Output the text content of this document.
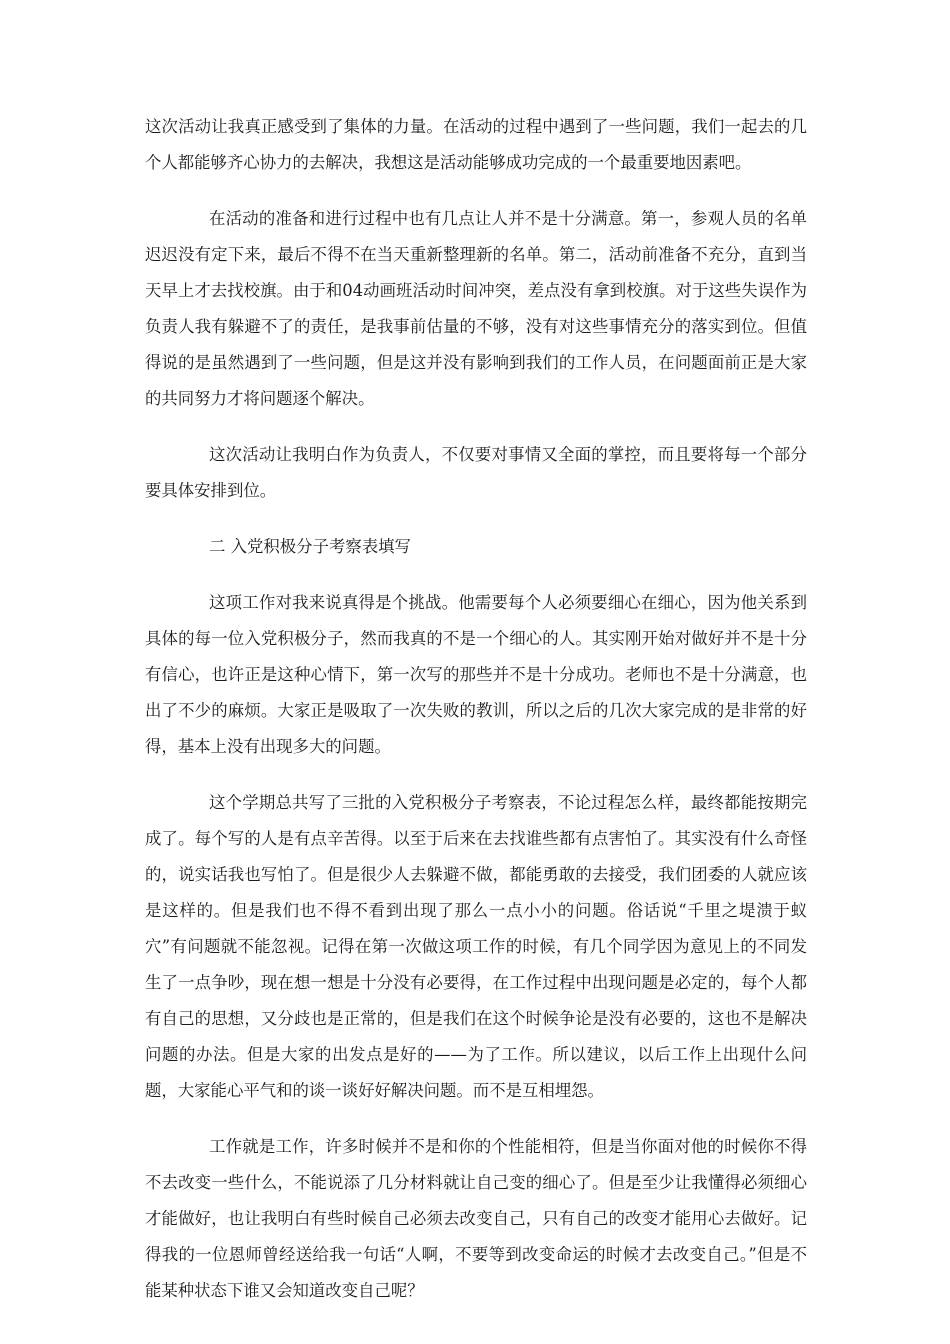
这次活动让我真正感受到了集体的力量。在活动的过程中遇到了一些问题，我们一起去的几个人都能够齐心协力的去解决，我想这是活动能够成功完成的一个最重要地因素吧。

在活动的准备和进行过程中也有几点让人并不是十分满意。第一，参观人员的名单迟迟没有定下来，最后不得不在当天重新整理新的名单。第二，活动前准备不充分，直到当天早上才去找校旗。由于和04动画班活动时间冲突，差点没有拿到校旗。对于这些失误作为负责人我有躲避不了的责任，是我事前估量的不够，没有对这些事情充分的落实到位。但值得说的是虽然遇到了一些问题，但是这并没有影响到我们的工作人员，在问题面前正是大家的共同努力才将问题逐个解决。

这次活动让我明白作为负责人，不仅要对事情又全面的掌控，而且要将每一个部分要具体安排到位。

二 入党积极分子考察表填写

这项工作对我来说真得是个挑战。他需要每个人必须要细心在细心，因为他关系到具体的每一位入党积极分子，然而我真的不是一个细心的人。其实刚开始对做好并不是十分有信心，也许正是这种心情下，第一次写的那些并不是十分成功。老师也不是十分满意，也出了不少的麻烦。大家正是吸取了一次失败的教训，所以之后的几次大家完成的是非常的好得，基本上没有出现多大的问题。

这个学期总共写了三批的入党积极分子考察表，不论过程怎么样，最终都能按期完成了。每个写的人是有点辛苦得。以至于后来在去找谁些都有点害怕了。其实没有什么奇怪的，说实话我也写怕了。但是很少人去躲避不做，都能勇敢的去接受，我们团委的人就应该是这样的。但是我们也不得不看到出现了那么一点小小的问题。俗话说“千里之堤溃于蚁穴”有问题就不能忽视。记得在第一次做这项工作的时候，有几个同学因为意见上的不同发生了一点争吵，现在想一想是十分没有必要得，在工作过程中出现问题是必定的，每个人都有自己的思想，又分歧也是正常的，但是我们在这个时候争论是没有必要的，这也不是解决问题的办法。但是大家的出发点是好的——为了工作。所以建议，以后工作上出现什么问题，大家能心平气和的谈一谈好好解决问题。而不是互相埋怨。

工作就是工作，许多时候并不是和你的个性能相符，但是当你面对他的时候你不得不去改变一些什么，不能说添了几分材料就让自己变的细心了。但是至少让我懂得必须细心才能做好，也让我明白有些时候自己必须去改变自己，只有自己的改变才能用心去做好。记得我的一位恩师曾经送给我一句话“人啊，不要等到改变命运的时候才去改变自己。”但是不能某种状态下谁又会知道改变自己呢？
